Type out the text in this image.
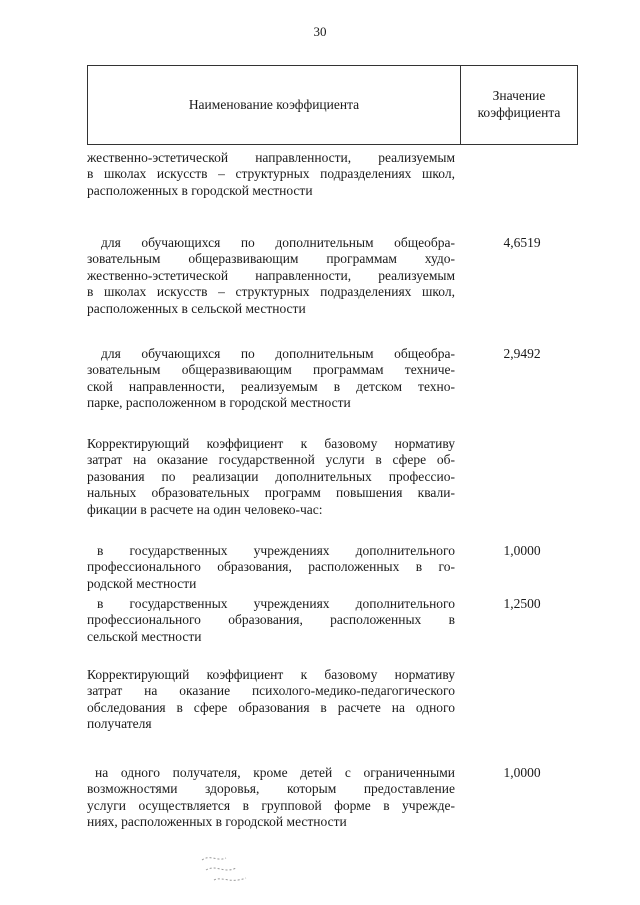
30
Наименование коэффициента
Значение
коэффициента
жественно-эстетической направленности, реализуемым
в школах искусств – структурных подразделениях школ,
расположенных в городской местности
для обучающихся по дополнительным общеобра-
зовательным общеразвивающим программам худо-
жественно-эстетической направленности, реализуемым
в школах искусств – структурных подразделениях школ,
расположенных в сельской местности
4,6519
для обучающихся по дополнительным общеобра-
зовательным общеразвивающим программам техниче-
ской направленности, реализуемым в детском техно-
парке, расположенном в городской местности
2,9492
Корректирующий коэффициент к базовому нормативу
затрат на оказание государственной услуги в сфере об-
разования по реализации дополнительных профессио-
нальных образовательных программ повышения квали-
фикации в расчете на один человеко-час:
в государственных учреждениях дополнительного
профессионального образования, расположенных в го-
родской местности
1,0000
в государственных учреждениях дополнительного
профессионального образования, расположенных в
сельской местности
1,2500
Корректирующий коэффициент к базовому нормативу
затрат на оказание психолого-медико-педагогического
обследования в сфере образования в расчете на одного
получателя
на одного получателя, кроме детей с ограниченными
возможностями здоровья, которым предоставление
услуги осуществляется в групповой форме в учрежде-
ниях, расположенных в городской местности
1,0000
